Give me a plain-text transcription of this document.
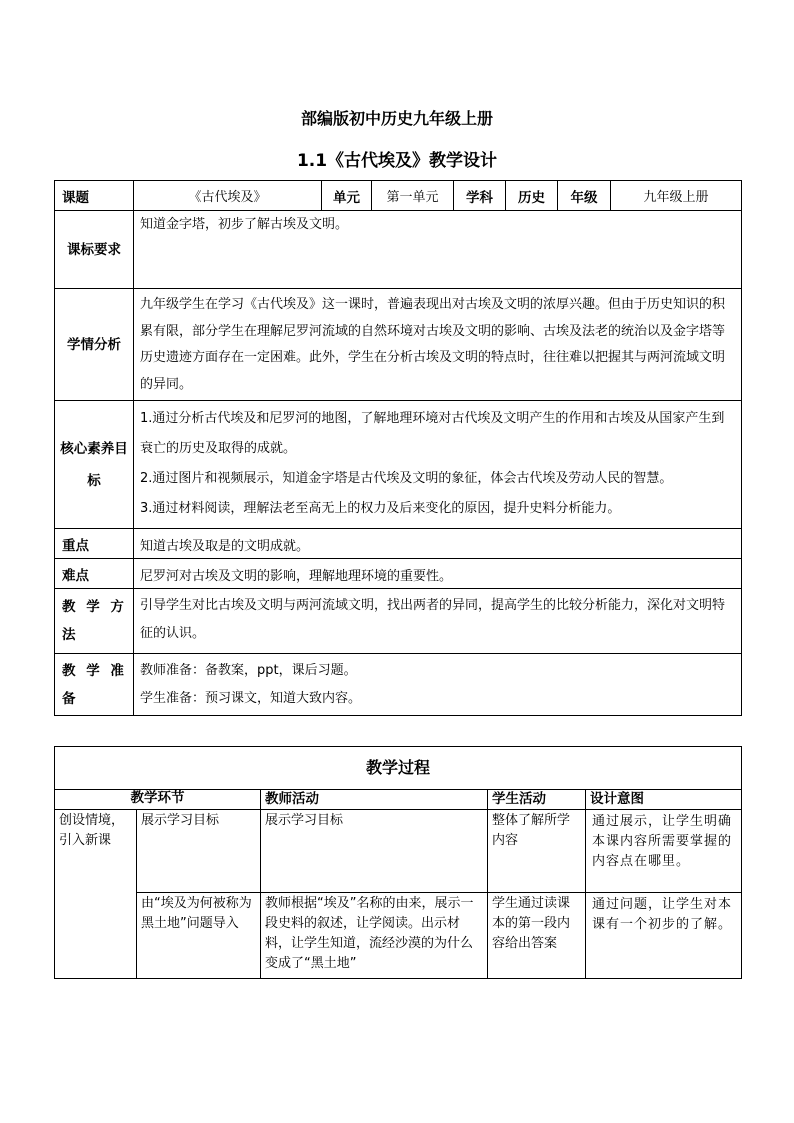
部编版初中历史九年级上册
1.1《古代埃及》教学设计
课题	《古代埃及》	单元	第一单元	学科	历史	年级	九年级上册
课标要求	知道金字塔，初步了解古埃及文明。						
学情分析	九年级学生在学习《古代埃及》这一课时，普遍表现出对古埃及文明的浓厚兴趣。但由于历史知识的积累有限，部分学生在理解尼罗河流域的自然环境对古埃及文明的影响、古埃及法老的统治以及金字塔等历史遗迹方面存在一定困难。此外，学生在分析古埃及文明的特点时，往往难以把握其与两河流域文明的异同。						
核心素养目标	1.通过分析古代埃及和尼罗河的地图，了解地理环境对古代埃及文明产生的作用和古埃及从国家产生到衰亡的历史及取得的成就。
2.通过图片和视频展示，知道金字塔是古代埃及文明的象征，体会古代埃及劳动人民的智慧。
3.通过材料阅读，理解法老至高无上的权力及后来变化的原因，提升史料分析能力。						

重点	知道古埃及取是的文明成就。						
难点	尼罗河对古埃及文明的影响，理解地理环境的重要性。						
教 学 方 法	引导学生对比古埃及文明与两河流域文明，找出两者的异同，提高学生的比较分析能力，深化对文明特征的认识。						
教 学 准 备	教师准备：备教案，ppt，课后习题。
学生准备：预习课文，知道大致内容。						
教学过程				
教学环节		教师活动	学生活动	设计意图
创设情境，引入新课	展示学习目标	展示学习目标	整体了解所学内容	通过展示，让学生明确本课内容所需要掌握的内容点在哪里。
	由“埃及为何被称为黑土地”问题导入	教师根据“埃及”名称的由来，展示一段史料的叙述，让学阅读。出示材料，让学生知道，流经沙漠的为什么变成了“黑土地”	学生通过读课本的第一段内容给出答案	通过问题，让学生对本课有一个初步的了解。
